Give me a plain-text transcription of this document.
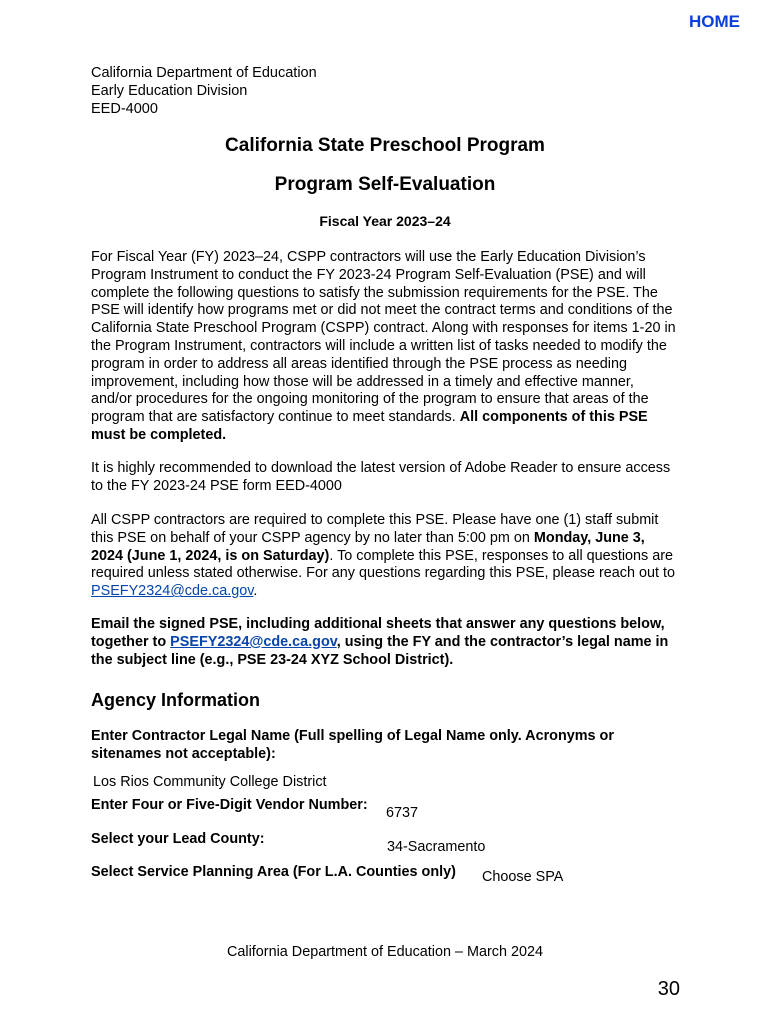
HOME
California Department of Education
Early Education Division
EED-4000
California State Preschool Program
Program Self-Evaluation
Fiscal Year 2023–24
For Fiscal Year (FY) 2023–24, CSPP contractors will use the Early Education Division’s Program Instrument to conduct the FY 2023-24 Program Self-Evaluation (PSE) and will complete the following questions to satisfy the submission requirements for the PSE. The PSE will identify how programs met or did not meet the contract terms and conditions of the California State Preschool Program (CSPP) contract. Along with responses for items 1-20 in the Program Instrument, contractors will include a written list of tasks needed to modify the program in order to address all areas identified through the PSE process as needing improvement, including how those will be addressed in a timely and effective manner, and/or procedures for the ongoing monitoring of the program to ensure that areas of the program that are satisfactory continue to meet standards. All components of this PSE must be completed.
It is highly recommended to download the latest version of Adobe Reader to ensure access to the FY 2023-24 PSE form EED-4000
All CSPP contractors are required to complete this PSE. Please have one (1) staff submit this PSE on behalf of your CSPP agency by no later than 5:00 pm on Monday, June 3, 2024 (June 1, 2024, is on Saturday). To complete this PSE, responses to all questions are required unless stated otherwise. For any questions regarding this PSE, please reach out to PSEFY2324@cde.ca.gov.
Email the signed PSE, including additional sheets that answer any questions below, together to PSEFY2324@cde.ca.gov, using the FY and the contractor’s legal name in the subject line (e.g., PSE 23-24 XYZ School District).
Agency Information
Enter Contractor Legal Name (Full spelling of Legal Name only. Acronyms or sitenames not acceptable):
Los Rios Community College District
Enter Four or Five-Digit Vendor Number: 6737
Select your Lead County:	34-Sacramento
Select Service Planning Area (For L.A. Counties only) Choose SPA
California Department of Education – March 2024
30
